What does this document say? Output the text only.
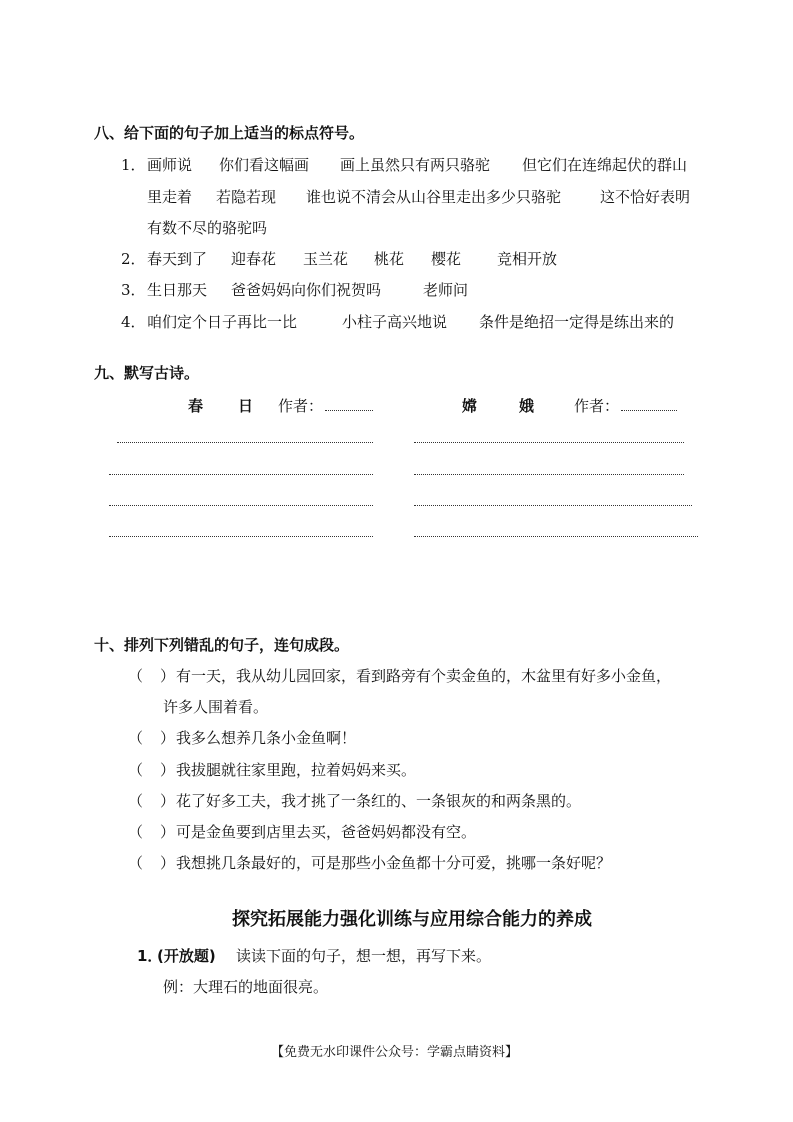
八、给下面的句子加上适当的标点符号。
1． 画师说 你们看这幅画 画上虽然只有两只骆驼 但它们在连绵起伏的群山
里走着 若隐若现 谁也说不清会从山谷里走出多少只骆驼	这不恰好表明
有数不尽的骆驼吗
2． 春天到了 迎春花 玉兰花 桃花 樱花 竞相开放
3． 生日那天 爸爸妈妈向你们祝贺吗	老师问
4． 咱们定个日子再比一比	小柱子高兴地说 条件是绝招一定得是练出来的
九、默写古诗。
春 日 作者：	嫦	娥	作者：
十、排列下列错乱的句子，连句成段。
（ ） 有一天，我从幼儿园回家，看到路旁有个卖金鱼的，木盆里有好多小金鱼，
许多人围着看。
（ ） 我多么想养几条小金鱼啊！
（ ） 我拔腿就往家里跑，拉着妈妈来买。
（ ） 花了好多工夫，我才挑了一条红的、一条银灰的和两条黑的。
（ ） 可是金鱼要到店里去买，爸爸妈妈都没有空。
（ ） 我想挑几条最好的，可是那些小金鱼都十分可爱，挑哪一条好呢？
探究拓展能力强化训练与应用综合能力的养成
1．
(开放题) 读读下面的句子，想一想，再写下来。
例：大理石的地面很亮。
【免费无水印课件公众号：学霸点睛资料】
